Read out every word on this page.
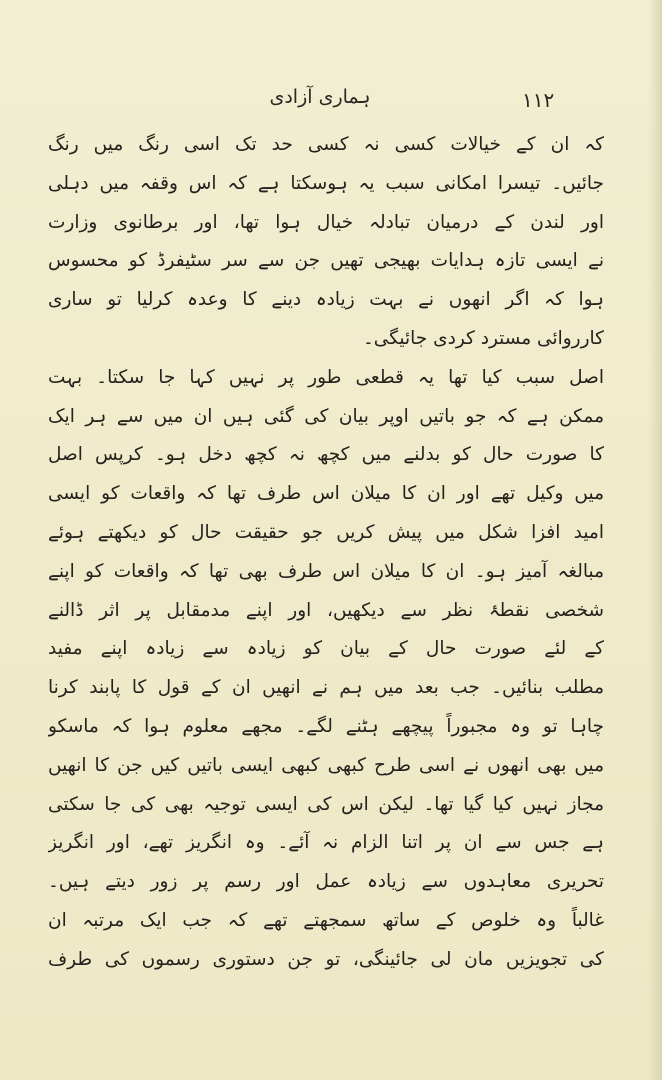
۱۱۲
ہماری آزادی
کہ ان کے خیالات کسی نہ کسی حد تک اسی رنگ میں رنگ
جائیں۔ تیسرا امکانی سبب یہ ہوسکتا ہے کہ اس وقفہ میں دہلی
اور لندن کے درمیان تبادلہ خیال ہوا تھا، اور برطانوی وزارت
نے ایسی تازہ ہدایات بھیجی تھیں جن سے سر سٹیفرڈ کو محسوس
ہوا کہ اگر انھوں نے بہت زیادہ دینے کا وعدہ کرلیا تو ساری
کارروائی مسترد کردی جائیگی۔
اصل سبب کیا تھا یہ قطعی طور پر نہیں کہا جا سکتا۔ بہت
ممکن ہے کہ جو باتیں اوپر بیان کی گئی ہیں ان میں سے ہر ایک
کا صورت حال کو بدلنے میں کچھ نہ کچھ دخل ہو۔ کرپس اصل
میں وکیل تھے اور ان کا میلان اس طرف تھا کہ واقعات کو ایسی
امید افزا شکل میں پیش کریں جو حقیقت حال کو دیکھتے ہوئے
مبالغہ آمیز ہو۔ ان کا میلان اس طرف بھی تھا کہ واقعات کو اپنے
شخصی نقطۂ نظر سے دیکھیں، اور اپنے مدمقابل پر اثر ڈالنے
کے لئے صورت حال کے بیان کو زیادہ سے زیادہ اپنے مفید
مطلب بنائیں۔ جب بعد میں ہم نے انھیں ان کے قول کا پابند کرنا
چاہا تو وہ مجبوراً پیچھے ہٹنے لگے۔ مجھے معلوم ہوا کہ ماسکو
میں بھی انھوں نے اسی طرح کبھی کبھی ایسی باتیں کیں جن کا انھیں
مجاز نہیں کیا گیا تھا۔ لیکن اس کی ایسی توجیہ بھی کی جا سکتی
ہے جس سے ان پر اتنا الزام نہ آئے۔ وہ انگریز تھے، اور انگریز
تحریری معاہدوں سے زیادہ عمل اور رسم پر زور دیتے ہیں۔
غالباً وہ خلوص کے ساتھ سمجھتے تھے کہ جب ایک مرتبہ ان
کی تجویزیں مان لی جائینگی، تو جن دستوری رسموں کی طرف
